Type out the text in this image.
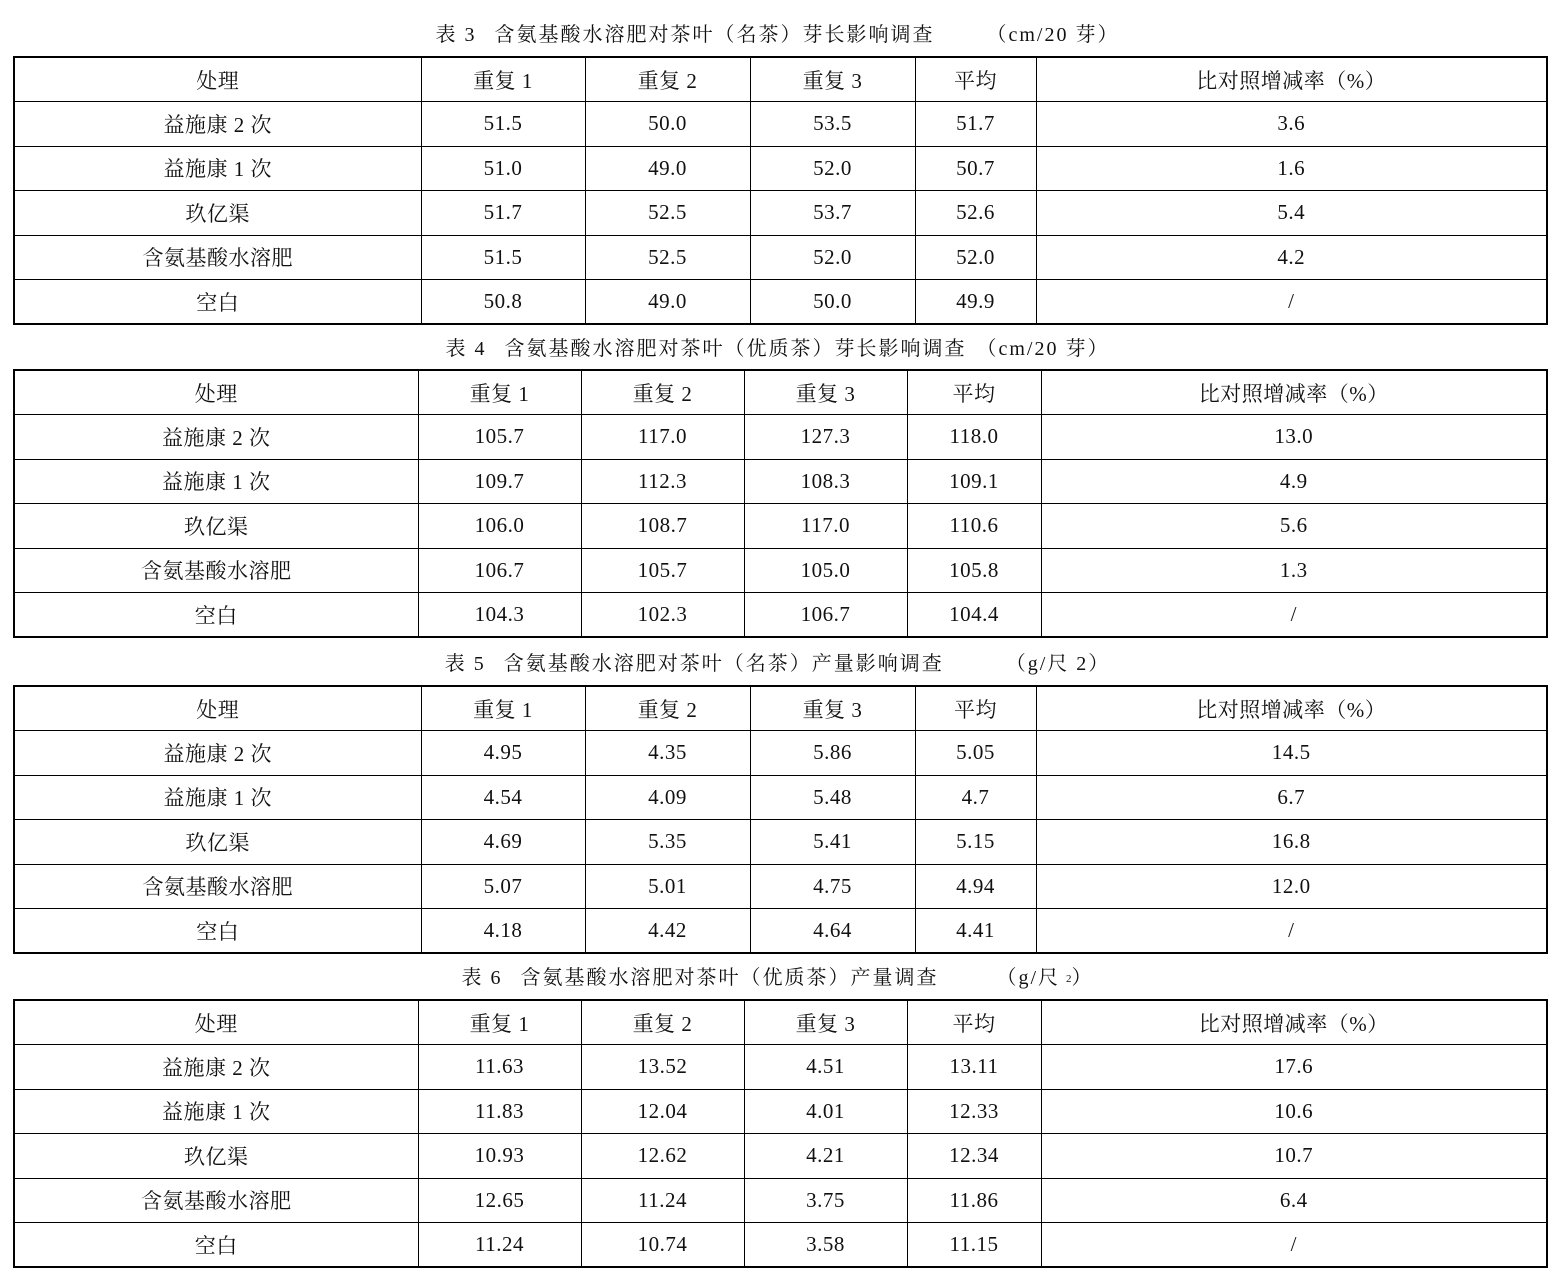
表 3 含氨基酸水溶肥对茶叶（名茶）芽长影响调查	（cm/20 芽）
处理	重复 1	重复 2	重复 3	平均	比对照增减率（%）
益施康 2 次	51.5	50.0	53.5	51.7	3.6
益施康 1 次	51.0	49.0	52.0	50.7	1.6
玖亿渠	51.7	52.5	53.7	52.6	5.4
含氨基酸水溶肥	51.5	52.5	52.0	52.0	4.2
空白	50.8	49.0	50.0	49.9	/
表 4 含氨基酸水溶肥对茶叶（优质茶）芽长影响调查 （cm/20 芽）
处理	重复 1	重复 2	重复 3	平均	比对照增减率（%）
益施康 2 次	105.7	117.0	127.3	118.0	13.0
益施康 1 次	109.7	112.3	108.3	109.1	4.9
玖亿渠	106.0	108.7	117.0	110.6	5.6
含氨基酸水溶肥	106.7	105.7	105.0	105.8	1.3
空白	104.3	102.3	106.7	104.4	/
表 5 含氨基酸水溶肥对茶叶（名茶）产量影响调查	（g/尺 2）
处理	重复 1	重复 2	重复 3	平均	比对照增减率（%）
益施康 2 次	4.95	4.35	5.86	5.05	14.5
益施康 1 次	4.54	4.09	5.48	4.7	6.7
玖亿渠	4.69	5.35	5.41	5.15	16.8
含氨基酸水溶肥	5.07	5.01	4.75	4.94	12.0
空白	4.18	4.42	4.64	4.41	/
表 6 含氨基酸水溶肥对茶叶（优质茶）产量调查	（g/尺 $^2$ ）
处理	重复 1	重复 2	重复 3	平均	比对照增减率（%）
益施康 2 次	11.63	13.52	4.51	13.11	17.6
益施康 1 次	11.83	12.04	4.01	12.33	10.6
玖亿渠	10.93	12.62	4.21	12.34	10.7
含氨基酸水溶肥	12.65	11.24	3.75	11.86	6.4
空白	11.24	10.74	3.58	11.15	/
